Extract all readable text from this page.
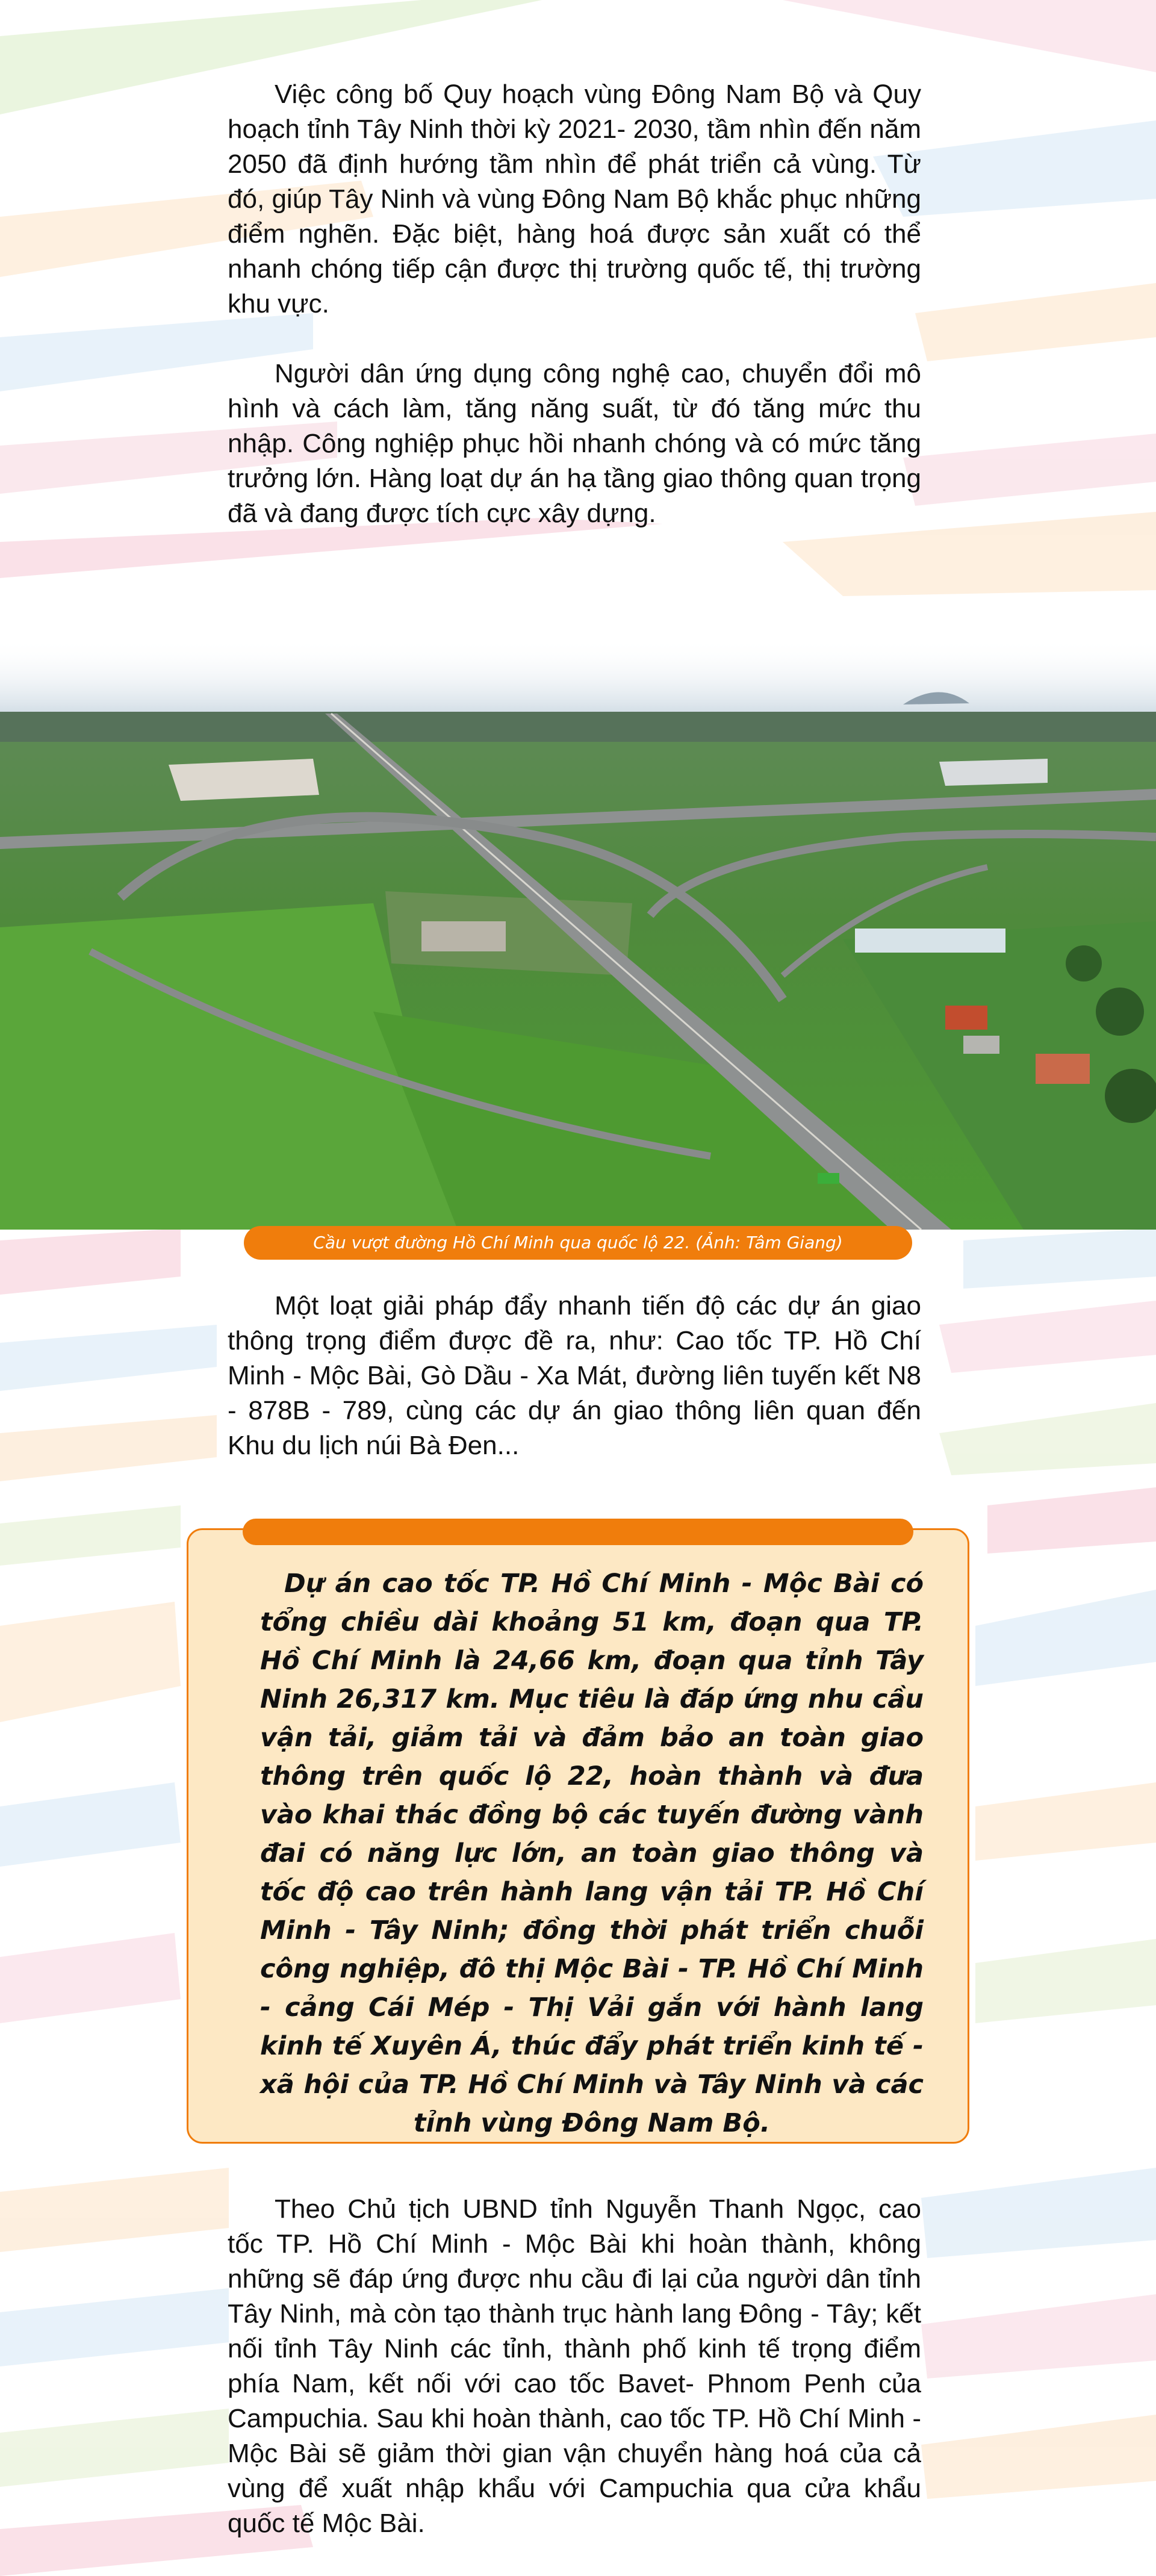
Việc công bố Quy hoạch vùng Đông Nam Bộ và Quy hoạch tỉnh Tây Ninh thời kỳ 2021- 2030, tầm nhìn đến năm 2050 đã định hướng tầm nhìn để phát triển cả vùng. Từ đó, giúp Tây Ninh và vùng Đông Nam Bộ khắc phục những điểm nghẽn. Đặc biệt, hàng hoá được sản xuất có thể nhanh chóng tiếp cận được thị trường quốc tế, thị trường khu vực.

Người dân ứng dụng công nghệ cao, chuyển đổi mô hình và cách làm, tăng năng suất, từ đó tăng mức thu nhập. Công nghiệp phục hồi nhanh chóng và có mức tăng trưởng lớn. Hàng loạt dự án hạ tầng giao thông quan trọng đã và đang được tích cực xây dựng.

Cầu vượt đường Hồ Chí Minh qua quốc lộ 22. (Ảnh: Tâm Giang)

Một loạt giải pháp đẩy nhanh tiến độ các dự án giao thông trọng điểm được đề ra, như: Cao tốc TP. Hồ Chí Minh - Mộc Bài, Gò Dầu - Xa Mát, đường liên tuyến kết N8 - 878B - 789, cùng các dự án giao thông liên quan đến Khu du lịch núi Bà Đen...

Dự án cao tốc TP. Hồ Chí Minh - Mộc Bài có tổng chiều dài khoảng 51 km, đoạn qua TP. Hồ Chí Minh là 24,66 km, đoạn qua tỉnh Tây Ninh 26,317 km. Mục tiêu là đáp ứng nhu cầu vận tải, giảm tải và đảm bảo an toàn giao thông trên quốc lộ 22, hoàn thành và đưa vào khai thác đồng bộ các tuyến đường vành đai có năng lực lớn, an toàn giao thông và tốc độ cao trên hành lang vận tải TP. Hồ Chí Minh - Tây Ninh; đồng thời phát triển chuỗi công nghiệp, đô thị Mộc Bài - TP. Hồ Chí Minh - cảng Cái Mép - Thị Vải gắn với hành lang kinh tế Xuyên Á, thúc đẩy phát triển kinh tế - xã hội của TP. Hồ Chí Minh và Tây Ninh và các tỉnh vùng Đông Nam Bộ.

Theo Chủ tịch UBND tỉnh Nguyễn Thanh Ngọc, cao tốc TP. Hồ Chí Minh - Mộc Bài khi hoàn thành, không những sẽ đáp ứng được nhu cầu đi lại của người dân tỉnh Tây Ninh, mà còn tạo thành trục hành lang Đông - Tây; kết nối tỉnh Tây Ninh các tỉnh, thành phố kinh tế trọng điểm phía Nam, kết nối với cao tốc Bavet- Phnom Penh của Campuchia. Sau khi hoàn thành, cao tốc TP. Hồ Chí Minh - Mộc Bài sẽ giảm thời gian vận chuyển hàng hoá của cả vùng để xuất nhập khẩu với Campuchia qua cửa khẩu quốc tế Mộc Bài.
